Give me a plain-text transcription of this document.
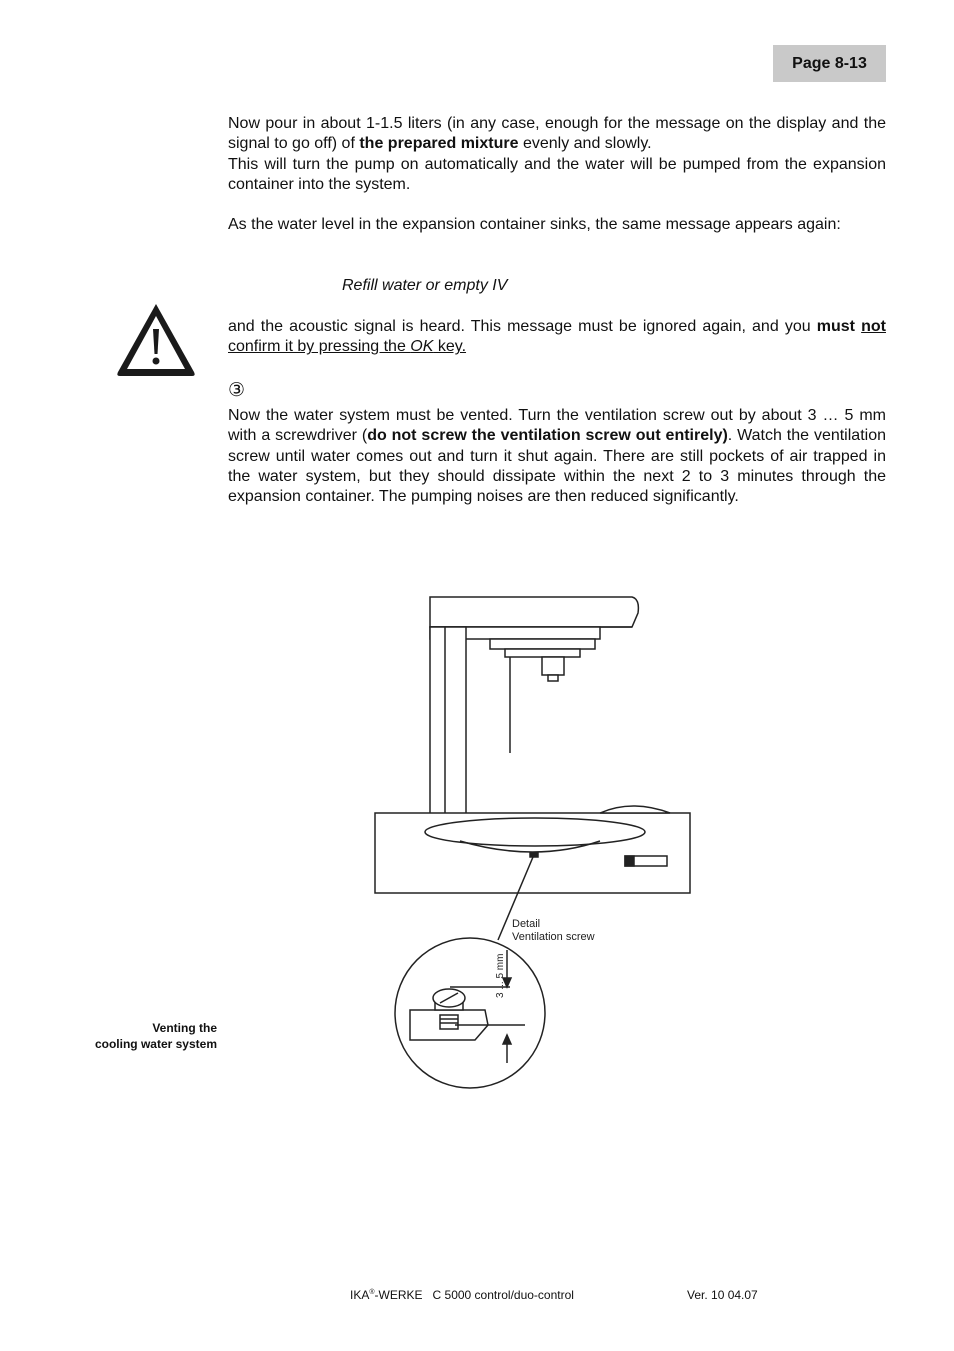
Page 8-13

Now pour in about 1-1.5 liters (in any case, enough for the message on the display and the signal to go off) of the prepared mixture evenly and slowly.

This will turn the pump on automatically and the water will be pumped from the expansion container into the system.

As the water level in the expansion container sinks, the same message appears again:

Refill water or empty IV

and the acoustic signal is heard. This message must be ignored again, and you must not confirm it by pressing the OK key.

③

Now the water system must be vented. Turn the ventilation screw out by about 3 … 5 mm with a screwdriver (do not screw the ventilation screw out entirely). Watch the ventilation screw until water comes out and turn it shut again. There are still pockets of air trapped in the water system, but they should dissipate within the next 2 to 3 minutes through the expansion container. The pumping noises are then reduced significantly.

Detail
Ventilation screw
3 ... 5 mm
Venting the
cooling water system
IKA®-WERKE C 5000 control/duo-control	Ver. 10 04.07
